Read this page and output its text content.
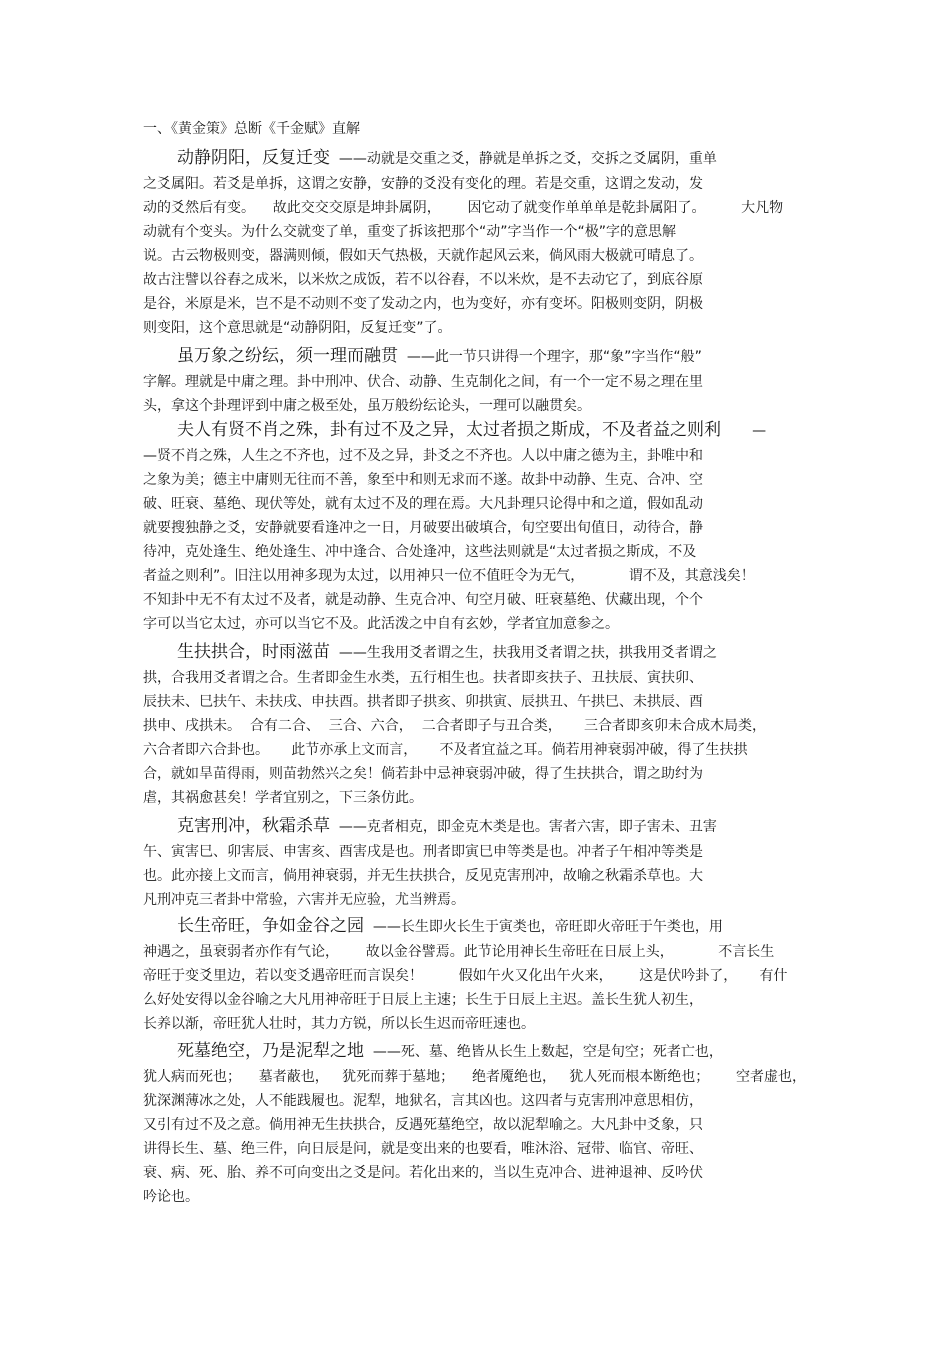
一、《黄金策》总断《千金赋》直解
动静阴阳，反复迁变  ——动就是交重之爻，静就是单拆之爻，交拆之爻属阴，重单
之爻属阳。若爻是单拆，这谓之安静，安静的爻没有变化的理。若是交重，这谓之发动，发
动的爻然后有变。    故此交交交原是坤卦属阴，      因它动了就变作单单单是乾卦属阳了。        大凡物
动就有个变头。为什么交就变了单，重变了拆该把那个“动”字当作一个“极”字的意思解
说。古云物极则变，器满则倾，假如天气热极，天就作起风云来，倘风雨大极就可晴息了。
故古注譬以谷舂之成米，以米炊之成饭，若不以谷舂，不以米炊，是不去动它了，到底谷原
是谷，米原是米，岂不是不动则不变了发动之内，也为变好，亦有变坏。阳极则变阴，阴极
则变阳，这个意思就是“动静阴阳，反复迁变”了。
虽万象之纷纭，须一理而融贯  ——此一节只讲得一个理字，那“象”字当作“般”
字解。理就是中庸之理。卦中刑冲、伏合、动静、生克制化之间，有一个一定不易之理在里
头，拿这个卦理评到中庸之极至处，虽万般纷纭论头，一理可以融贯矣。
夫人有贤不肖之殊，卦有过不及之异，太过者损之斯成，不及者益之则利       —
—贤不肖之殊，人生之不齐也，过不及之异，卦爻之不齐也。人以中庸之德为主，卦唯中和
之象为美；德主中庸则无往而不善，象至中和则无求而不遂。故卦中动静、生克、合冲、空
破、旺衰、墓绝、现伏等处，就有太过不及的理在焉。大凡卦理只论得中和之道，假如乱动
就要搜独静之爻，安静就要看逢冲之一日，月破要出破填合，旬空要出旬值日，动待合，静
待冲，克处逢生、绝处逢生、冲中逢合、合处逢冲，这些法则就是“太过者损之斯成，不及
者益之则利”。旧注以用神多现为太过，以用神只一位不值旺令为无气，          谓不及，其意浅矣！
不知卦中无不有太过不及者，就是动静、生克合冲、旬空月破、旺衰墓绝、伏藏出现，个个
字可以当它太过，亦可以当它不及。此活泼之中自有玄妙，学者宜加意参之。
生扶拱合，时雨滋苗  ——生我用爻者谓之生，扶我用爻者谓之扶，拱我用爻者谓之
拱，合我用爻者谓之合。生者即金生水类，五行相生也。扶者即亥扶子、丑扶辰、寅扶卯、
辰扶未、巳扶午、未扶戌、申扶酉。拱者即子拱亥、卯拱寅、辰拱丑、午拱巳、未拱辰、酉
拱申、戌拱未。  合有二合、  三合、六合，  二合者即子与丑合类，     三合者即亥卯未合成木局类，
六合者即六合卦也。     此节亦承上文而言，     不及者宜益之耳。倘若用神衰弱冲破，得了生扶拱
合，就如旱苗得雨，则苗勃然兴之矣！倘若卦中忌神衰弱冲破，得了生扶拱合，谓之助纣为
虐，其祸愈甚矣！学者宜别之，下三条仿此。
克害刑冲，秋霜杀草  ——克者相克，即金克木类是也。害者六害，即子害未、丑害
午、寅害巳、卯害辰、申害亥、酉害戌是也。刑者即寅巳申等类是也。冲者子午相冲等类是
也。此亦接上文而言，倘用神衰弱，并无生扶拱合，反见克害刑冲，故喻之秋霜杀草也。大
凡刑冲克三者卦中常验，六害并无应验，尤当辨焉。
长生帝旺，争如金谷之园  ——长生即火长生于寅类也，帝旺即火帝旺于午类也，用
神遇之，虽衰弱者亦作有气论，      故以金谷譬焉。此节论用神长生帝旺在日辰上头，          不言长生
帝旺于变爻里边，若以变爻遇帝旺而言误矣！        假如午火又化出午火来，      这是伏吟卦了，     有什
么好处安得以金谷喻之大凡用神帝旺于日辰上主速；长生于日辰上主迟。盖长生犹人初生，
长养以渐，帝旺犹人壮时，其力方锐，所以长生迟而帝旺速也。
死墓绝空，乃是泥犁之地  ——死、墓、绝皆从长生上数起，空是旬空；死者亡也，
犹人病而死也；    墓者蔽也，   犹死而葬于墓地；    绝者魇绝也，   犹人死而根本断绝也；      空者虚也，
犹深渊薄冰之处，人不能践履也。泥犁，地狱名，言其凶也。这四者与克害刑冲意思相仿，
又引有过不及之意。倘用神无生扶拱合，反遇死墓绝空，故以泥犁喻之。大凡卦中爻象，只
讲得长生、墓、绝三件，向日辰是问，就是变出来的也要看，唯沐浴、冠带、临官、帝旺、
衰、病、死、胎、养不可向变出之爻是问。若化出来的，当以生克冲合、进神退神、反吟伏
吟论也。
